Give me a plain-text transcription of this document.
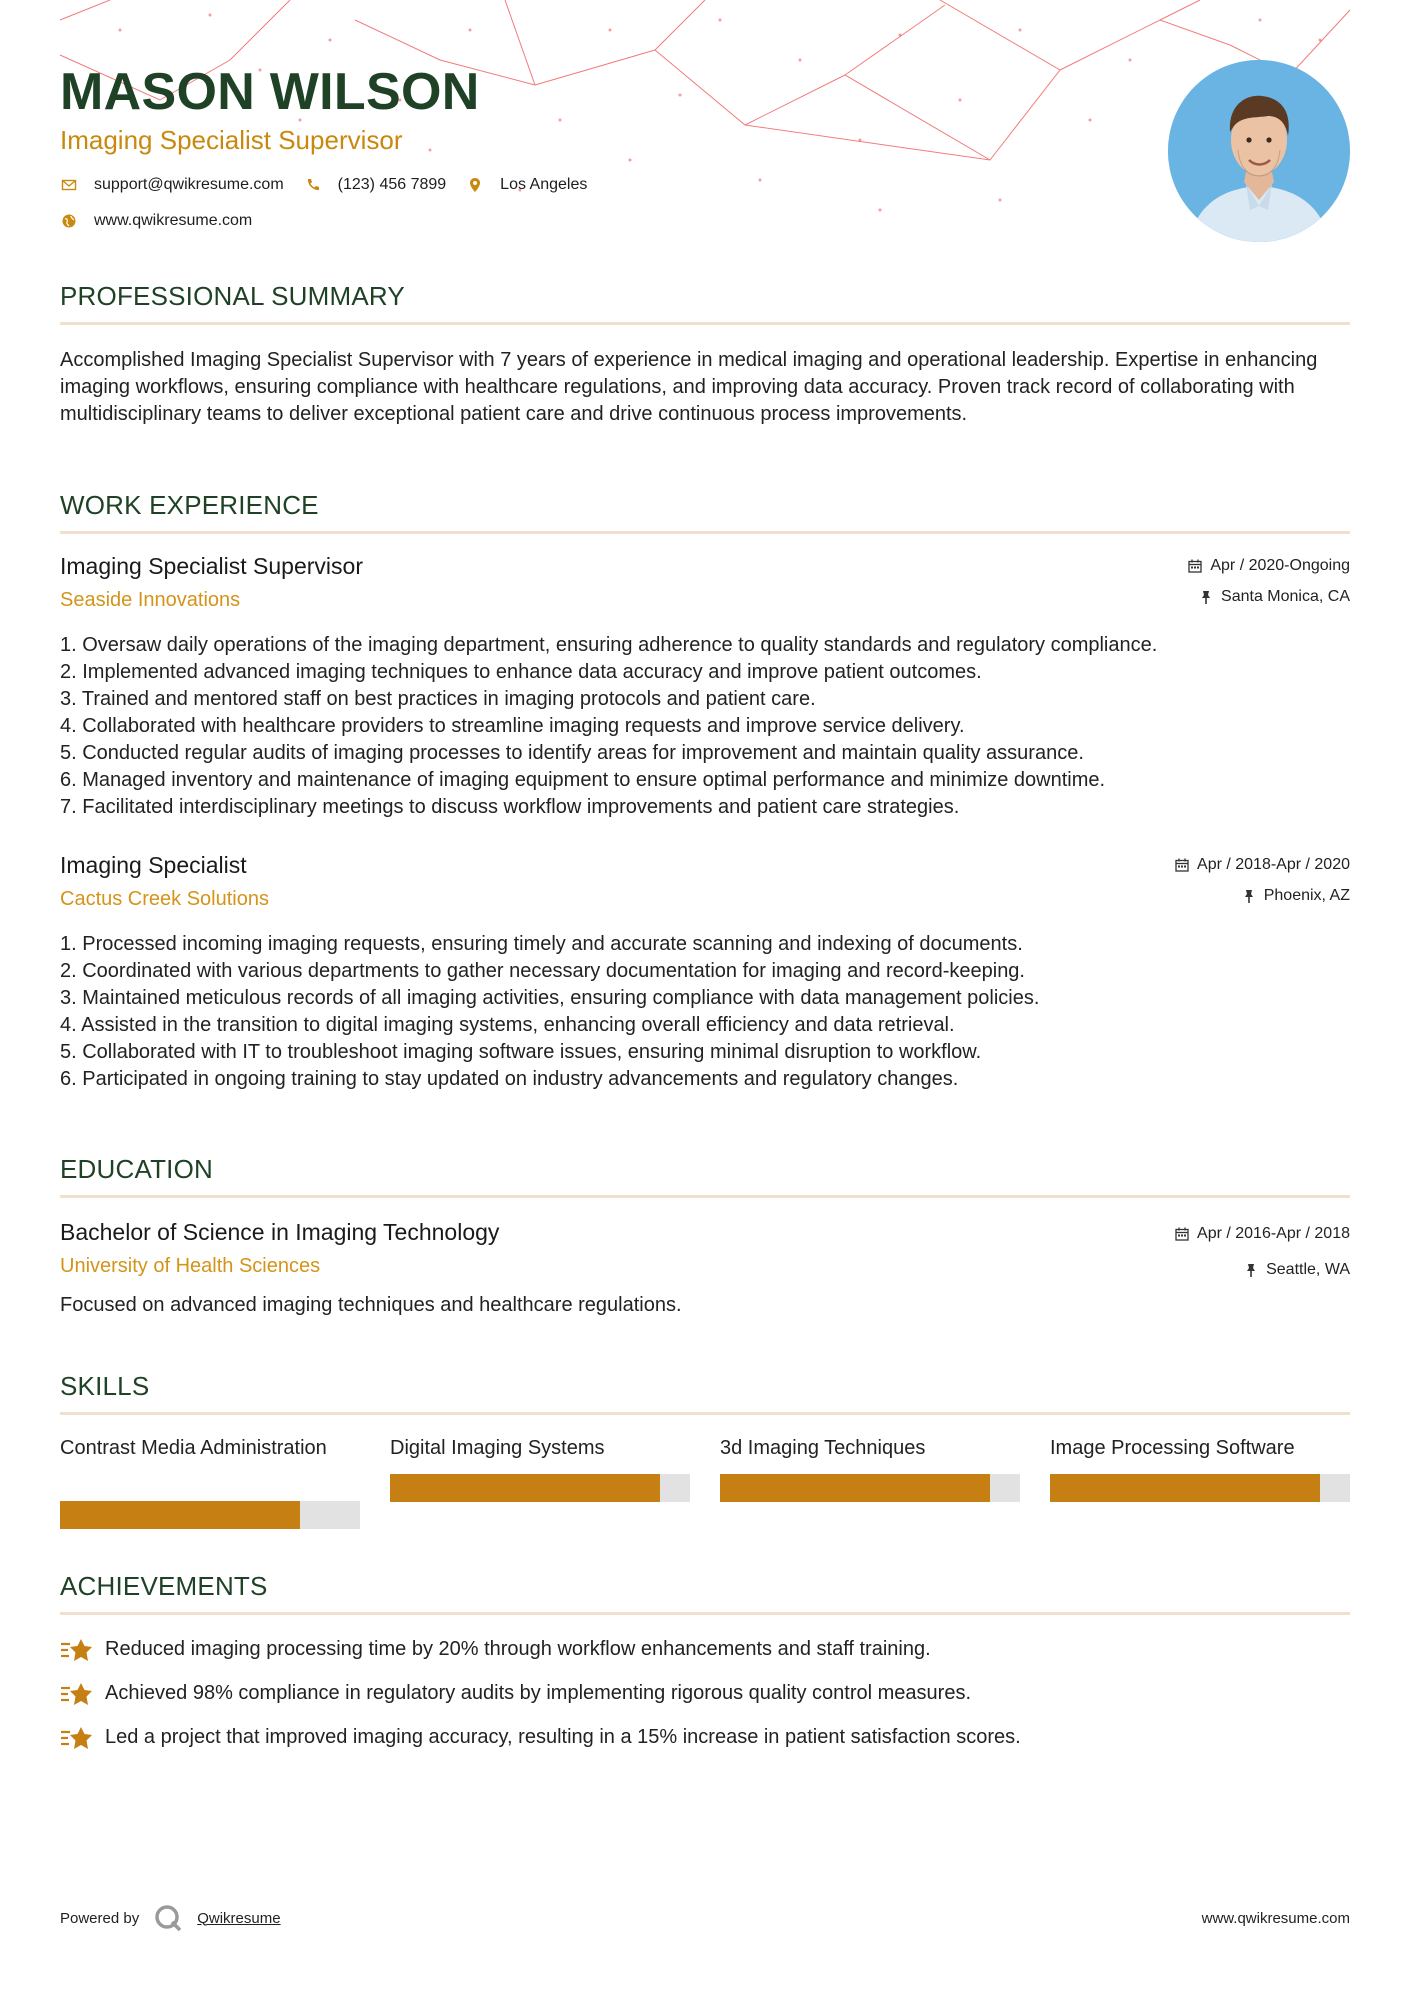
MASON WILSON
Imaging Specialist Supervisor
support@qwikresume.com	(123) 456 7899	Los Angeles
www.qwikresume.com
PROFESSIONAL SUMMARY
Accomplished Imaging Specialist Supervisor with 7 years of experience in medical imaging and operational leadership. Expertise in enhancing imaging workflows, ensuring compliance with healthcare regulations, and improving data accuracy. Proven track record of collaborating with multidisciplinary teams to deliver exceptional patient care and drive continuous process improvements.
WORK EXPERIENCE
Imaging Specialist Supervisor
Seaside Innovations
Apr / 2020-Ongoing
Santa Monica, CA
1. Oversaw daily operations of the imaging department, ensuring adherence to quality standards and regulatory compliance.
2. Implemented advanced imaging techniques to enhance data accuracy and improve patient outcomes.
3. Trained and mentored staff on best practices in imaging protocols and patient care.
4. Collaborated with healthcare providers to streamline imaging requests and improve service delivery.
5. Conducted regular audits of imaging processes to identify areas for improvement and maintain quality assurance.
6. Managed inventory and maintenance of imaging equipment to ensure optimal performance and minimize downtime.
7. Facilitated interdisciplinary meetings to discuss workflow improvements and patient care strategies.
Imaging Specialist
Cactus Creek Solutions
Apr / 2018-Apr / 2020
Phoenix, AZ
1. Processed incoming imaging requests, ensuring timely and accurate scanning and indexing of documents.
2. Coordinated with various departments to gather necessary documentation for imaging and record-keeping.
3. Maintained meticulous records of all imaging activities, ensuring compliance with data management policies.
4. Assisted in the transition to digital imaging systems, enhancing overall efficiency and data retrieval.
5. Collaborated with IT to troubleshoot imaging software issues, ensuring minimal disruption to workflow.
6. Participated in ongoing training to stay updated on industry advancements and regulatory changes.
EDUCATION
Bachelor of Science in Imaging Technology
University of Health Sciences
Apr / 2016-Apr / 2018
Seattle, WA
Focused on advanced imaging techniques and healthcare regulations.
SKILLS
Contrast Media Administration	Digital Imaging Systems	3d Imaging Techniques	Image Processing Software
ACHIEVEMENTS
Reduced imaging processing time by 20% through workflow enhancements and staff training.
Achieved 98% compliance in regulatory audits by implementing rigorous quality control measures.
Led a project that improved imaging accuracy, resulting in a 15% increase in patient satisfaction scores.
Powered by	Qwikresume	www.qwikresume.com
